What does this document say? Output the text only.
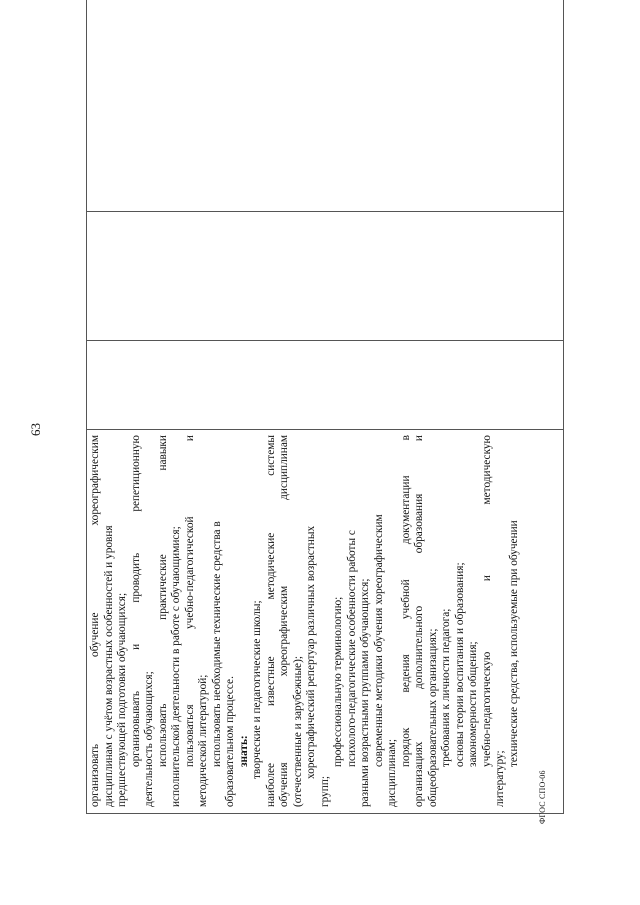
63
организовать
обучение
хореографическим
дисциплинам с учётом возрастных особенностей и уровня предшествующей подготовки обучающихся; организовывать
и
проводить
репетиционную
деятельность обучающихся; использовать
практические
навыки
исполнительской деятельности в работе с обучающимися; пользоваться
учебно-педагогической
и
методической литературой; использовать необходимые технические средства в образовательном процессе. знать: творческие и педагогические школы;
наиболее
известные
методические
системы
обучения
хореографическим
дисциплинам
(отечественные и зарубежные); хореографический репертуар различных возрастных
групп;
профессиональную терминологию; психолого-педагогические особенности работы с разными возрастными группами обучающихся; современные методики обучения хореографическим
дисциплинам; порядок
ведения
учебной
документации
в
организациях
дополнительного
образования
и
общеобразовательных организациях; требования к личности педагога; основы теории воспитания и образования; закономерности общения; учебно-педагогическую
и
методическую
литературу;
технические средства, используемые при обучении

ФГОС СПО-06
